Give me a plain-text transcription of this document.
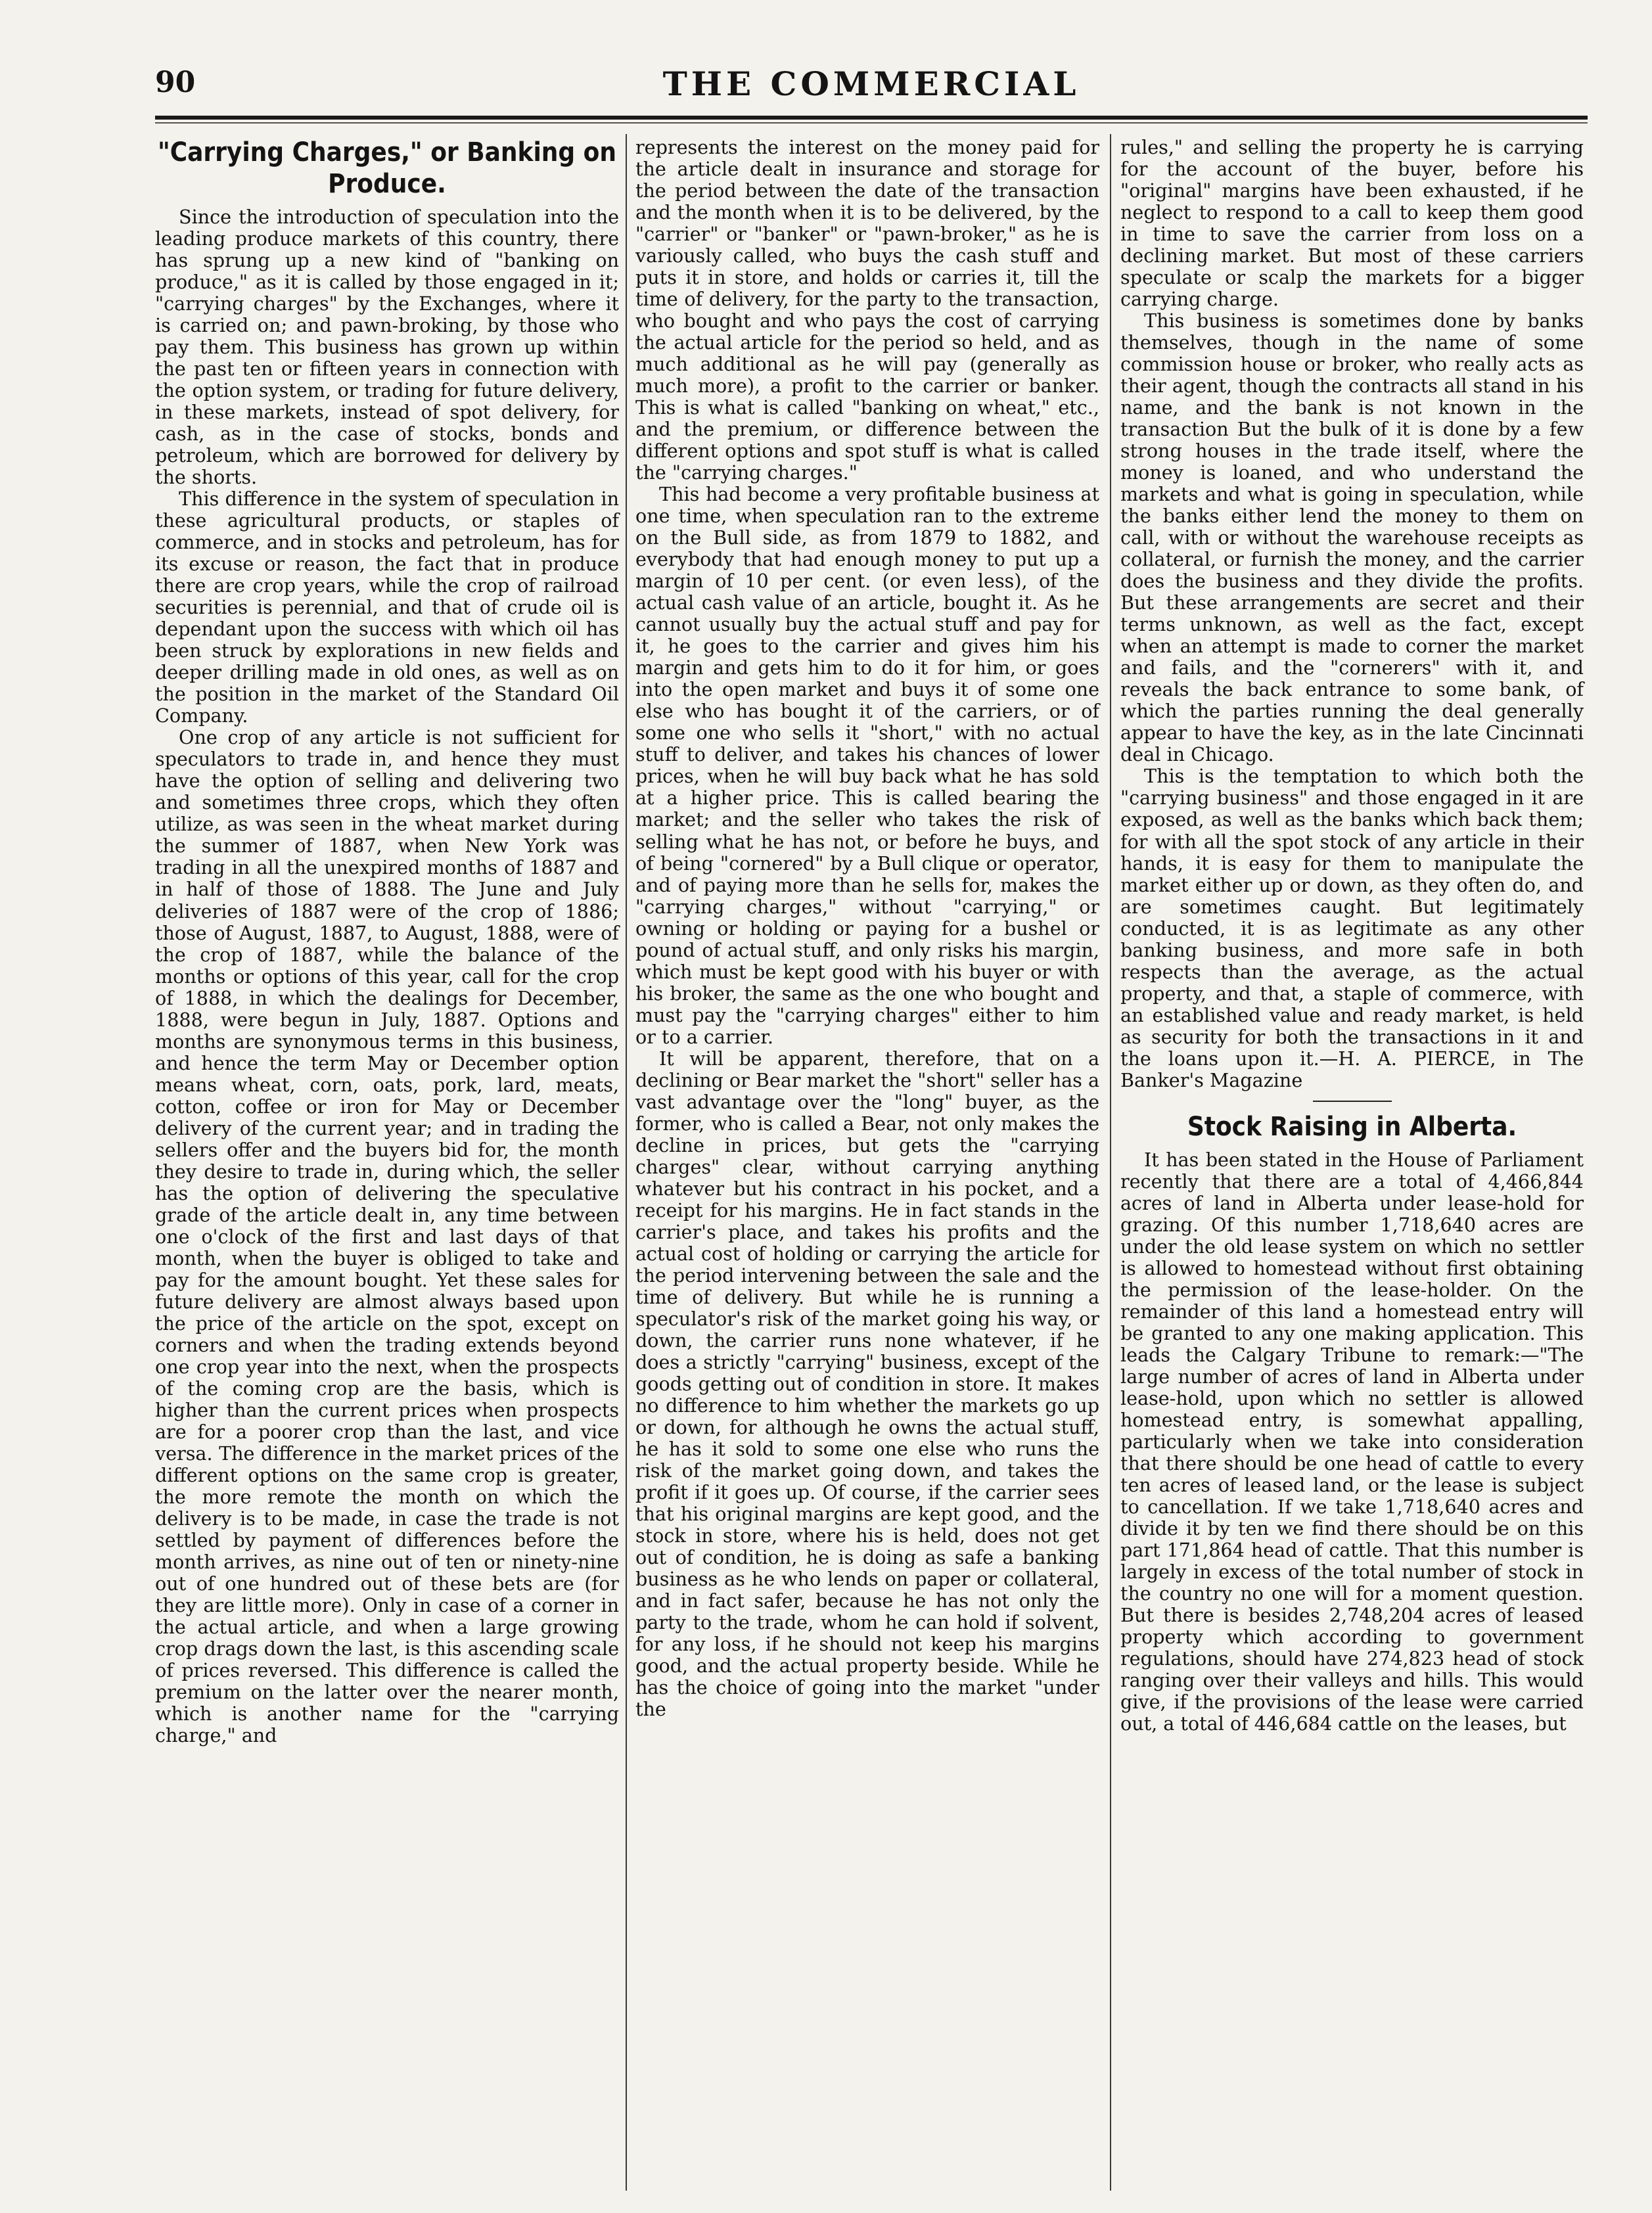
90	THE COMMERCIAL
"Carrying Charges," or Banking on Produce.

Since the introduction of speculation into the leading produce markets of this country, there has sprung up a new kind of "banking on produce," as it is called by those engaged in it; "carrying charges" by the Exchanges, where it is carried on; and pawn-broking, by those who pay them. This business has grown up within the past ten or fifteen years in connection with the option system, or trading for future delivery, in these markets, instead of spot delivery, for cash, as in the case of stocks, bonds and petroleum, which are borrowed for delivery by the shorts.

This difference in the system of speculation in these agricultural products, or staples of commerce, and in stocks and petroleum, has for its excuse or reason, the fact that in produce there are crop years, while the crop of railroad securities is perennial, and that of crude oil is dependant upon the success with which oil has been struck by explorations in new fields and deeper drilling made in old ones, as well as on the position in the market of the Standard Oil Company.

One crop of any article is not sufficient for speculators to trade in, and hence they must have the option of selling and delivering two and sometimes three crops, which they often utilize, as was seen in the wheat market during the summer of 1887, when New York was trading in all the unexpired months of 1887 and in half of those of 1888. The June and July deliveries of 1887 were of the crop of 1886; those of August, 1887, to August, 1888, were of the crop of 1887, while the balance of the months or options of this year, call for the crop of 1888, in which the dealings for December, 1888, were begun in July, 1887. Options and months are synonymous terms in this business, and hence the term May or December option means wheat, corn, oats, pork, lard, meats, cotton, coffee or iron for May or December delivery of the current year; and in trading the sellers offer and the buyers bid for, the month they desire to trade in, during which, the seller has the option of delivering the speculative grade of the article dealt in, any time between one o'clock of the first and last days of that month, when the buyer is obliged to take and pay for the amount bought. Yet these sales for future delivery are almost always based upon the price of the article on the spot, except on corners and when the trading extends beyond one crop year into the next, when the prospects of the coming crop are the basis, which is higher than the current prices when prospects are for a poorer crop than the last, and vice versa. The difference in the market prices of the different options on the same crop is greater, the more remote the month on which the delivery is to be made, in case the trade is not settled by payment of differences before the month arrives, as nine out of ten or ninety-nine out of one hundred out of these bets are (for they are little more). Only in case of a corner in the actual article, and when a large growing crop drags down the last, is this ascending scale of prices reversed. This difference is called the premium on the latter over the nearer month, which is another name for the "carrying charge," and

represents the interest on the money paid for the article dealt in insurance and storage for the period between the date of the transaction and the month when it is to be delivered, by the "carrier" or "banker" or "pawn-broker," as he is variously called, who buys the cash stuff and puts it in store, and holds or carries it, till the time of delivery, for the party to the transaction, who bought and who pays the cost of carrying the actual article for the period so held, and as much additional as he will pay (generally as much more), a profit to the carrier or banker. This is what is called "banking on wheat," etc., and the premium, or difference between the different options and spot stuff is what is called the "carrying charges."

This had become a very profitable business at one time, when speculation ran to the extreme on the Bull side, as from 1879 to 1882, and everybody that had enough money to put up a margin of 10 per cent. (or even less), of the actual cash value of an article, bought it. As he cannot usually buy the actual stuff and pay for it, he goes to the carrier and gives him his margin and gets him to do it for him, or goes into the open market and buys it of some one else who has bought it of the carriers, or of some one who sells it "short," with no actual stuff to deliver, and takes his chances of lower prices, when he will buy back what he has sold at a higher price. This is called bearing the market; and the seller who takes the risk of selling what he has not, or before he buys, and of being "cornered" by a Bull clique or operator, and of paying more than he sells for, makes the "carrying charges," without "carrying," or owning or holding or paying for a bushel or pound of actual stuff, and only risks his margin, which must be kept good with his buyer or with his broker, the same as the one who bought and must pay the "carrying charges" either to him or to a carrier.

It will be apparent, therefore, that on a declining or Bear market the "short" seller has a vast advantage over the "long" buyer, as the former, who is called a Bear, not only makes the decline in prices, but gets the "carrying charges" clear, without carrying anything whatever but his contract in his pocket, and a receipt for his margins. He in fact stands in the carrier's place, and takes his profits and the actual cost of holding or carrying the article for the period intervening between the sale and the time of delivery. But while he is running a speculator's risk of the market going his way, or down, the carrier runs none whatever, if he does a strictly "carrying" business, except of the goods getting out of condition in store. It makes no difference to him whether the markets go up or down, for although he owns the actual stuff, he has it sold to some one else who runs the risk of the market going down, and takes the profit if it goes up. Of course, if the carrier sees that his original margins are kept good, and the stock in store, where his is held, does not get out of condition, he is doing as safe a banking business as he who lends on paper or collateral, and in fact safer, because he has not only the party to the trade, whom he can hold if solvent, for any loss, if he should not keep his margins good, and the actual property beside. While he has the choice of going into the market "under the

rules," and selling the property he is carrying for the account of the buyer, before his "original" margins have been exhausted, if he neglect to respond to a call to keep them good in time to save the carrier from loss on a declining market. But most of these carriers speculate or scalp the markets for a bigger carrying charge.

This business is sometimes done by banks themselves, though in the name of some commission house or broker, who really acts as their agent, though the contracts all stand in his name, and the bank is not known in the transaction But the bulk of it is done by a few strong houses in the trade itself, where the money is loaned, and who understand the markets and what is going in speculation, while the banks either lend the money to them on call, with or without the warehouse receipts as collateral, or furnish the money, and the carrier does the business and they divide the profits. But these arrangements are secret and their terms unknown, as well as the fact, except when an attempt is made to corner the market and fails, and the "cornerers" with it, and reveals the back entrance to some bank, of which the parties running the deal generally appear to have the key, as in the late Cincinnati deal in Chicago.

This is the temptation to which both the "carrying business" and those engaged in it are exposed, as well as the banks which back them; for with all the spot stock of any article in their hands, it is easy for them to manipulate the market either up or down, as they often do, and are sometimes caught. But legitimately conducted, it is as legitimate as any other banking business, and more safe in both respects than the average, as the actual property, and that, a staple of commerce, with an established value and ready market, is held as security for both the transactions in it and the loans upon it.—H. A. PIERCE, in The Banker's Magazine

Stock Raising in Alberta.

It has been stated in the House of Parliament recently that there are a total of 4,466,844 acres of land in Alberta under lease-hold for grazing. Of this number 1,718,640 acres are under the old lease system on which no settler is allowed to homestead without first obtaining the permission of the lease-holder. On the remainder of this land a homestead entry will be granted to any one making application. This leads the Calgary Tribune to remark:—"The large number of acres of land in Alberta under lease-hold, upon which no settler is allowed homestead entry, is somewhat appalling, particularly when we take into consideration that there should be one head of cattle to every ten acres of leased land, or the lease is subject to cancellation. If we take 1,718,640 acres and divide it by ten we find there should be on this part 171,864 head of cattle. That this number is largely in excess of the total number of stock in the country no one will for a moment question. But there is besides 2,748,204 acres of leased property which according to government regulations, should have 274,823 head of stock ranging over their valleys and hills. This would give, if the provisions of the lease were carried out, a total of 446,684 cattle on the leases, but
